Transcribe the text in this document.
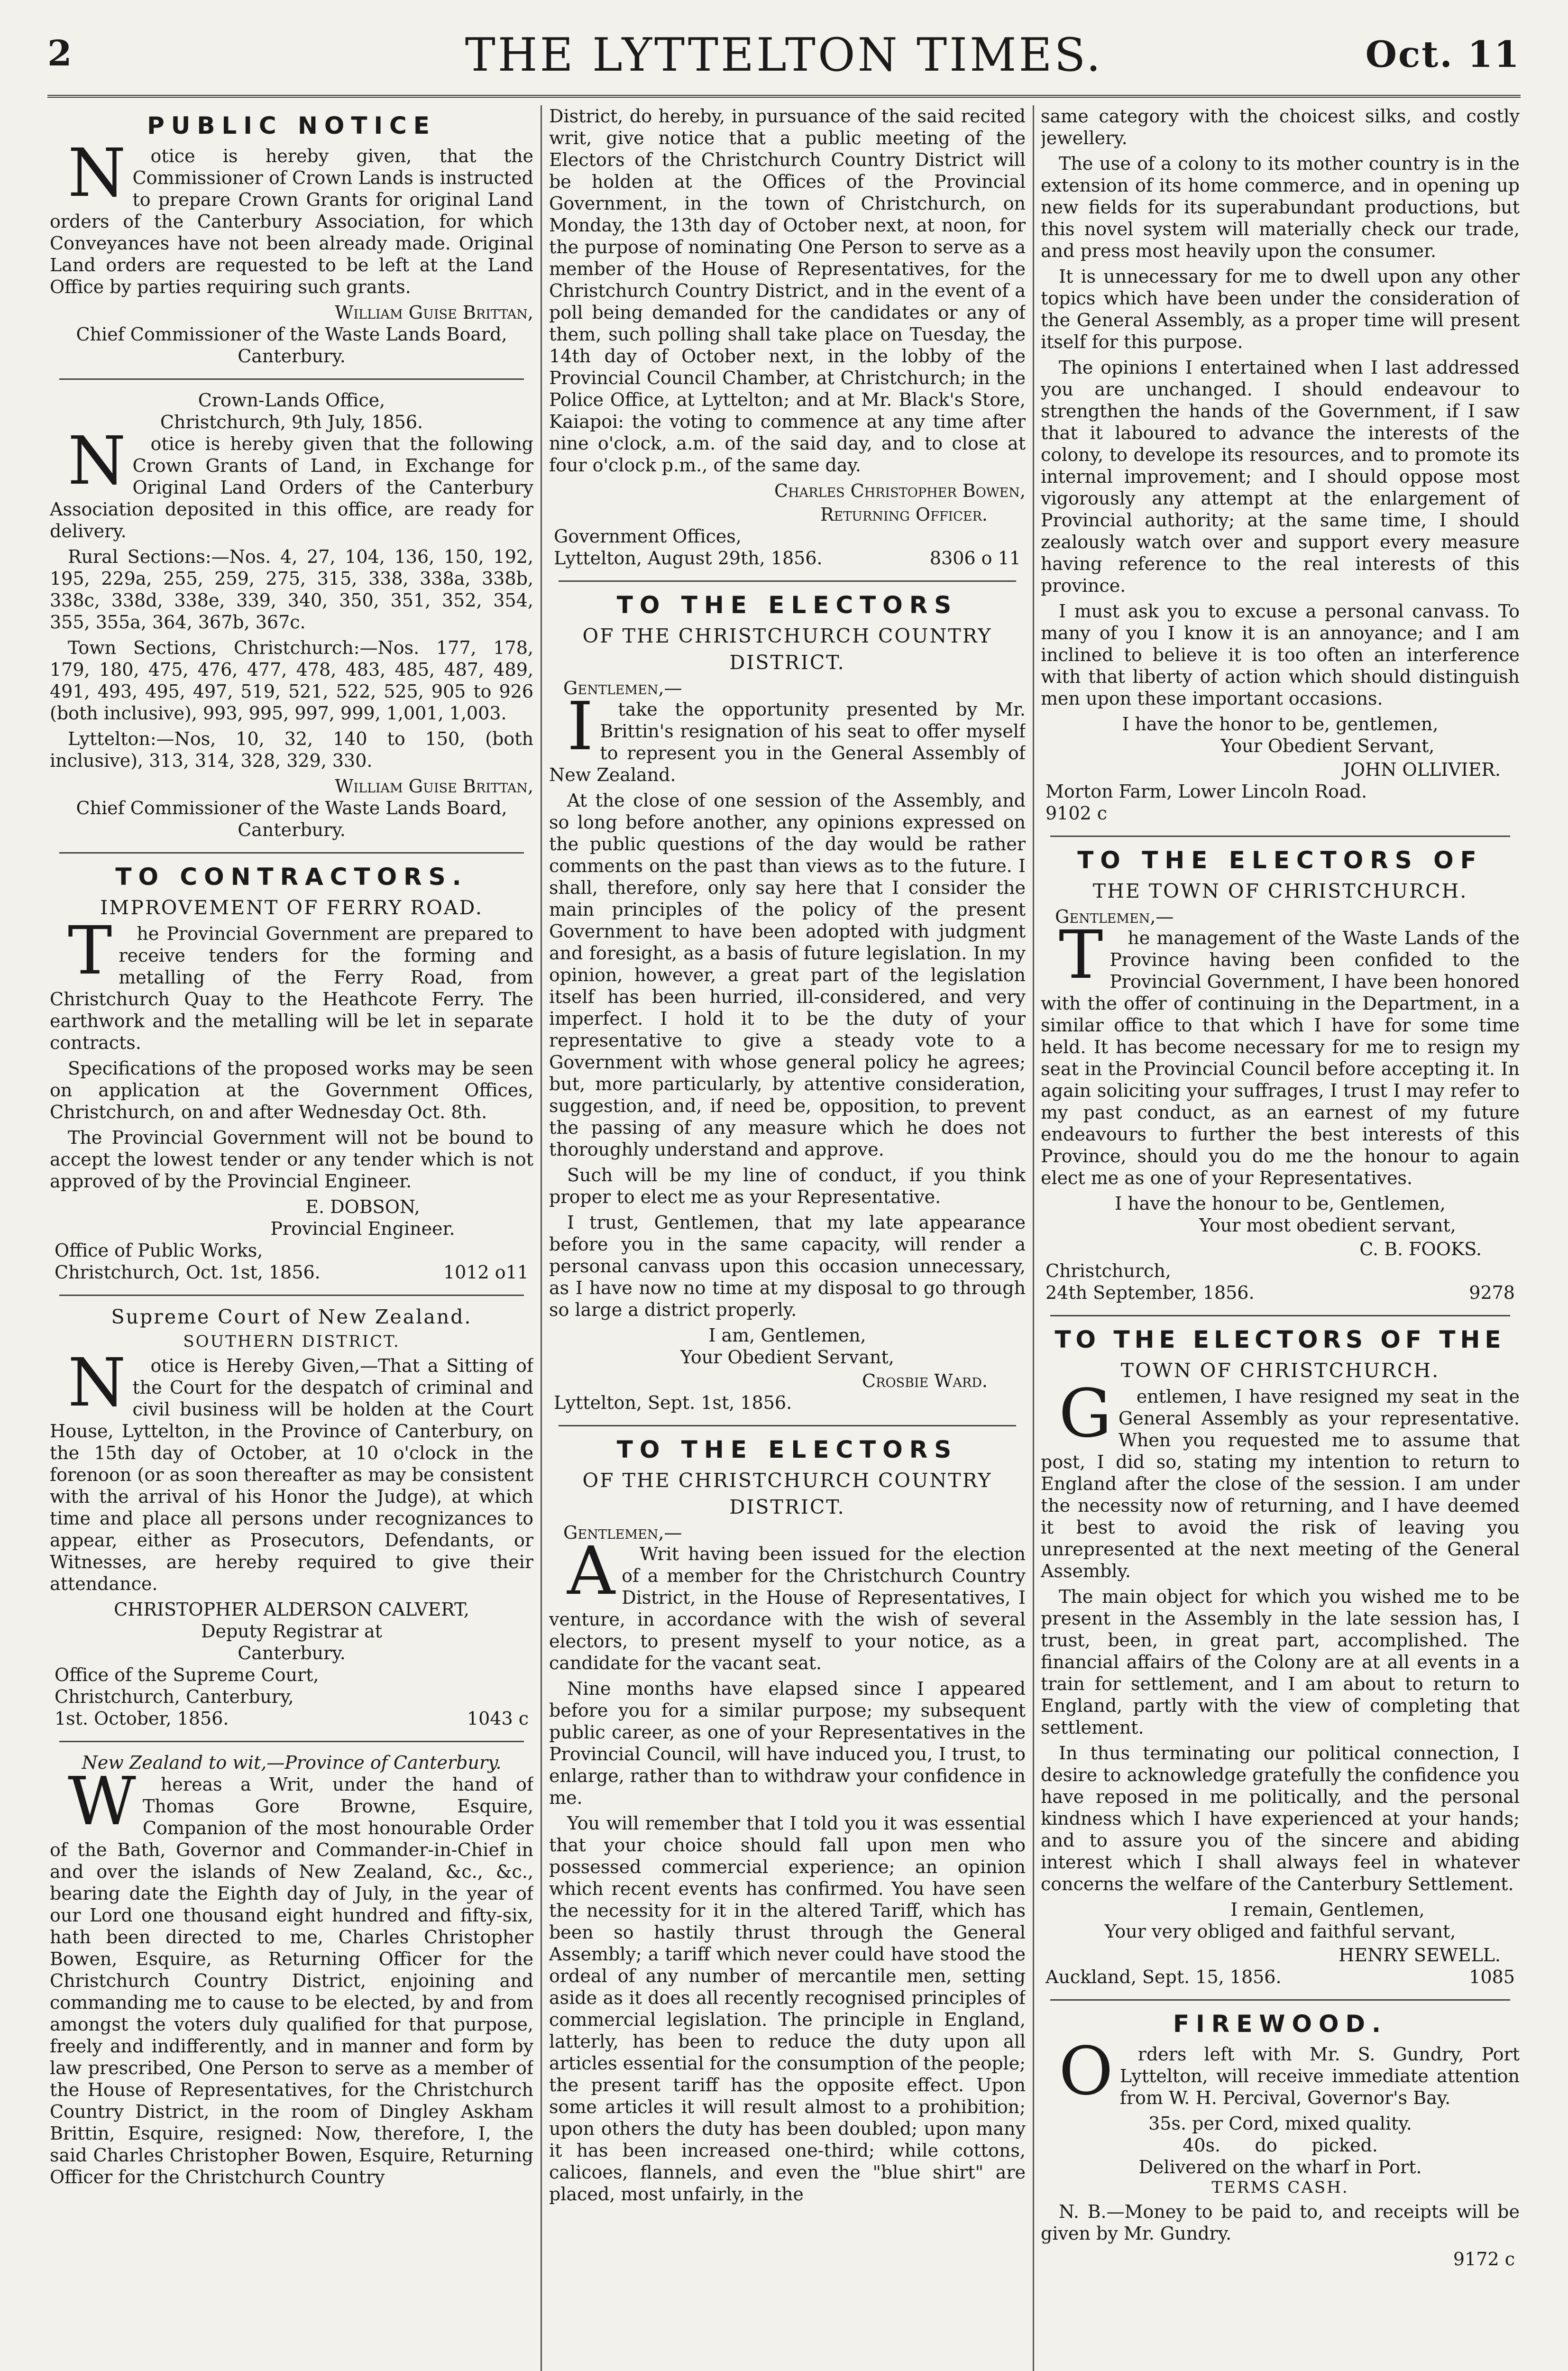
2	THE LYTTELTON TIMES.	Oct. 11
PUBLIC NOTICE

Notice is hereby given, that the Commissioner of Crown Lands is instructed to prepare Crown Grants for original Land orders of the Canterbury Association, for which Conveyances have not been already made. Original Land orders are requested to be left at the Land Office by parties requiring such grants.

William Guise Brittan,
Chief Commissioner of the Waste Lands Board, Canterbury.
Crown-Lands Office,
Christchurch, 9th July, 1856.

Notice is hereby given that the following Crown Grants of Land, in Exchange for Original Land Orders of the Canterbury Association deposited in this office, are ready for delivery.

Rural Sections:—Nos. 4, 27, 104, 136, 150, 192, 195, 229a, 255, 259, 275, 315, 338, 338a, 338b, 338c, 338d, 338e, 339, 340, 350, 351, 352, 354, 355, 355a, 364, 367b, 367c.
Town Sections, Christchurch:—Nos. 177, 178, 179, 180, 475, 476, 477, 478, 483, 485, 487, 489, 491, 493, 495, 497, 519, 521, 522, 525, 905 to 926 (both inclusive), 993, 995, 997, 999, 1,001, 1,003.
Lyttelton:—Nos, 10, 32, 140 to 150, (both inclusive), 313, 314, 328, 329, 330.
William Guise Brittan,
Chief Commissioner of the Waste Lands Board, Canterbury.
TO CONTRACTORS.
IMPROVEMENT OF FERRY ROAD.

The Provincial Government are prepared to receive tenders for the forming and metalling of the Ferry Road, from Christchurch Quay to the Heathcote Ferry. The earthwork and the metalling will be let in separate contracts.

Specifications of the proposed works may be seen on application at the Government Offices, Christchurch, on and after Wednesday Oct. 8th.

The Provincial Government will not be bound to accept the lowest tender or any tender which is not approved of by the Provincial Engineer.

E. DOBSON,
Provincial Engineer.
Office of Public Works,
Christchurch, Oct. 1st, 1856.	1012 o11
Supreme Court of New Zealand.
SOUTHERN DISTRICT.

Notice is Hereby Given,—That a Sitting of the Court for the despatch of criminal and civil business will be holden at the Court House, Lyttelton, in the Province of Canterbury, on the 15th day of October, at 10 o'clock in the forenoon (or as soon thereafter as may be consistent with the arrival of his Honor the Judge), at which time and place all persons under recognizances to appear, either as Prosecutors, Defendants, or Witnesses, are hereby required to give their attendance.

CHRISTOPHER ALDERSON CALVERT,
Deputy Registrar at
Canterbury.
Office of the Supreme Court,
Christchurch, Canterbury,
1st. October, 1856.	1043 c
New Zealand to wit,—Province of Canterbury.

Whereas a Writ, under the hand of Thomas Gore Browne, Esquire, Companion of the most honourable Order of the Bath, Governor and Commander-in-Chief in and over the islands of New Zealand, &c., &c., bearing date the Eighth day of July, in the year of our Lord one thousand eight hundred and fifty-six, hath been directed to me, Charles Christopher Bowen, Esquire, as Returning Officer for the Christchurch Country District, enjoining and commanding me to cause to be elected, by and from amongst the voters duly qualified for that purpose, freely and indifferently, and in manner and form by law prescribed, One Person to serve as a member of the House of Representatives, for the Christchurch Country District, in the room of Dingley Askham Brittin, Esquire, resigned: Now, therefore, I, the said Charles Christopher Bowen, Esquire, Returning Officer for the Christchurch Country

District, do hereby, in pursuance of the said recited writ, give notice that a public meeting of the Electors of the Christchurch Country District will be holden at the Offices of the Provincial Government, in the town of Christchurch, on Monday, the 13th day of October next, at noon, for the purpose of nominating One Person to serve as a member of the House of Representatives, for the Christchurch Country District, and in the event of a poll being demanded for the candidates or any of them, such polling shall take place on Tuesday, the 14th day of October next, in the lobby of the Provincial Council Chamber, at Christchurch; in the Police Office, at Lyttelton; and at Mr. Black's Store, Kaiapoi: the voting to commence at any time after nine o'clock, a.m. of the said day, and to close at four o'clock p.m., of the same day.

Charles Christopher Bowen,
Returning Officer.
Government Offices,
Lyttelton, August 29th, 1856.	8306 o 11
TO THE ELECTORS
OF THE CHRISTCHURCH COUNTRY
DISTRICT.
Gentlemen,—

Itake the opportunity presented by Mr. Brittin's resignation of his seat to offer myself to represent you in the General Assembly of New Zealand.

At the close of one session of the Assembly, and so long before another, any opinions expressed on the public questions of the day would be rather comments on the past than views as to the future. I shall, therefore, only say here that I consider the main principles of the policy of the present Government to have been adopted with judgment and foresight, as a basis of future legislation. In my opinion, however, a great part of the legislation itself has been hurried, ill-considered, and very imperfect. I hold it to be the duty of your representative to give a steady vote to a Government with whose general policy he agrees; but, more particularly, by attentive consideration, suggestion, and, if need be, opposition, to prevent the passing of any measure which he does not thoroughly understand and approve.

Such will be my line of conduct, if you think proper to elect me as your Representative.

I trust, Gentlemen, that my late appearance before you in the same capacity, will render a personal canvass upon this occasion unnecessary, as I have now no time at my disposal to go through so large a district properly.

I am, Gentlemen,
Your Obedient Servant,
Crosbie Ward.
Lyttelton, Sept. 1st, 1856.
TO THE ELECTORS
OF THE CHRISTCHURCH COUNTRY
DISTRICT.
Gentlemen,—

AWrit having been issued for the election of a member for the Christchurch Country District, in the House of Representatives, I venture, in accordance with the wish of several electors, to present myself to your notice, as a candidate for the vacant seat.

Nine months have elapsed since I appeared before you for a similar purpose; my subsequent public career, as one of your Representatives in the Provincial Council, will have induced you, I trust, to enlarge, rather than to withdraw your confidence in me.

You will remember that I told you it was essential that your choice should fall upon men who possessed commercial experience; an opinion which recent events has confirmed. You have seen the necessity for it in the altered Tariff, which has been so hastily thrust through the General Assembly; a tariff which never could have stood the ordeal of any number of mercantile men, setting aside as it does all recently recognised principles of commercial legislation. The principle in England, latterly, has been to reduce the duty upon all articles essential for the consumption of the people; the present tariff has the opposite effect. Upon some articles it will result almost to a prohibition; upon others the duty has been doubled; upon many it has been increased one-third; while cottons, calicoes, flannels, and even the "blue shirt" are placed, most unfairly, in the

same category with the choicest silks, and costly jewellery.

The use of a colony to its mother country is in the extension of its home commerce, and in opening up new fields for its superabundant productions, but this novel system will materially check our trade, and press most heavily upon the consumer.

It is unnecessary for me to dwell upon any other topics which have been under the consideration of the General Assembly, as a proper time will present itself for this purpose.

The opinions I entertained when I last addressed you are unchanged. I should endeavour to strengthen the hands of the Government, if I saw that it laboured to advance the interests of the colony, to develope its resources, and to promote its internal improvement; and I should oppose most vigorously any attempt at the enlargement of Provincial authority; at the same time, I should zealously watch over and support every measure having reference to the real interests of this province.

I must ask you to excuse a personal canvass. To many of you I know it is an annoyance; and I am inclined to believe it is too often an interference with that liberty of action which should distinguish men upon these important occasions.

I have the honor to be, gentlemen,
Your Obedient Servant,
JOHN OLLIVIER.
Morton Farm, Lower Lincoln Road.
9102 c
TO THE ELECTORS OF
THE TOWN OF CHRISTCHURCH.
Gentlemen,—

The management of the Waste Lands of the Province having been confided to the Provincial Government, I have been honored with the offer of continuing in the Department, in a similar office to that which I have for some time held. It has become necessary for me to resign my seat in the Provincial Council before accepting it. In again soliciting your suffrages, I trust I may refer to my past conduct, as an earnest of my future endeavours to further the best interests of this Province, should you do me the honour to again elect me as one of your Representatives.

I have the honour to be, Gentlemen,
Your most obedient servant,
C. B. FOOKS.
Christchurch,
24th September, 1856.	9278
TO THE ELECTORS OF THE
TOWN OF CHRISTCHURCH.

Gentlemen, I have resigned my seat in the General Assembly as your representative. When you requested me to assume that post, I did so, stating my intention to return to England after the close of the session. I am under the necessity now of returning, and I have deemed it best to avoid the risk of leaving you unrepresented at the next meeting of the General Assembly.

The main object for which you wished me to be present in the Assembly in the late session has, I trust, been, in great part, accomplished. The financial affairs of the Colony are at all events in a train for settlement, and I am about to return to England, partly with the view of completing that settlement.

In thus terminating our political connection, I desire to acknowledge gratefully the confidence you have reposed in me politically, and the personal kindness which I have experienced at your hands; and to assure you of the sincere and abiding interest which I shall always feel in whatever concerns the welfare of the Canterbury Settlement.

I remain, Gentlemen,
Your very obliged and faithful servant,
HENRY SEWELL.
Auckland, Sept. 15, 1856.	1085
FIREWOOD.

Orders left with Mr. S. Gundry, Port Lyttelton, will receive immediate attention from W. H. Percival, Governor's Bay.

35s. per Cord, mixed quality.
40s.      do      picked.
Delivered on the wharf in Port.
TERMS CASH.

N. B.—Money to be paid to, and receipts will be given by Mr. Gundry.

9172 c
